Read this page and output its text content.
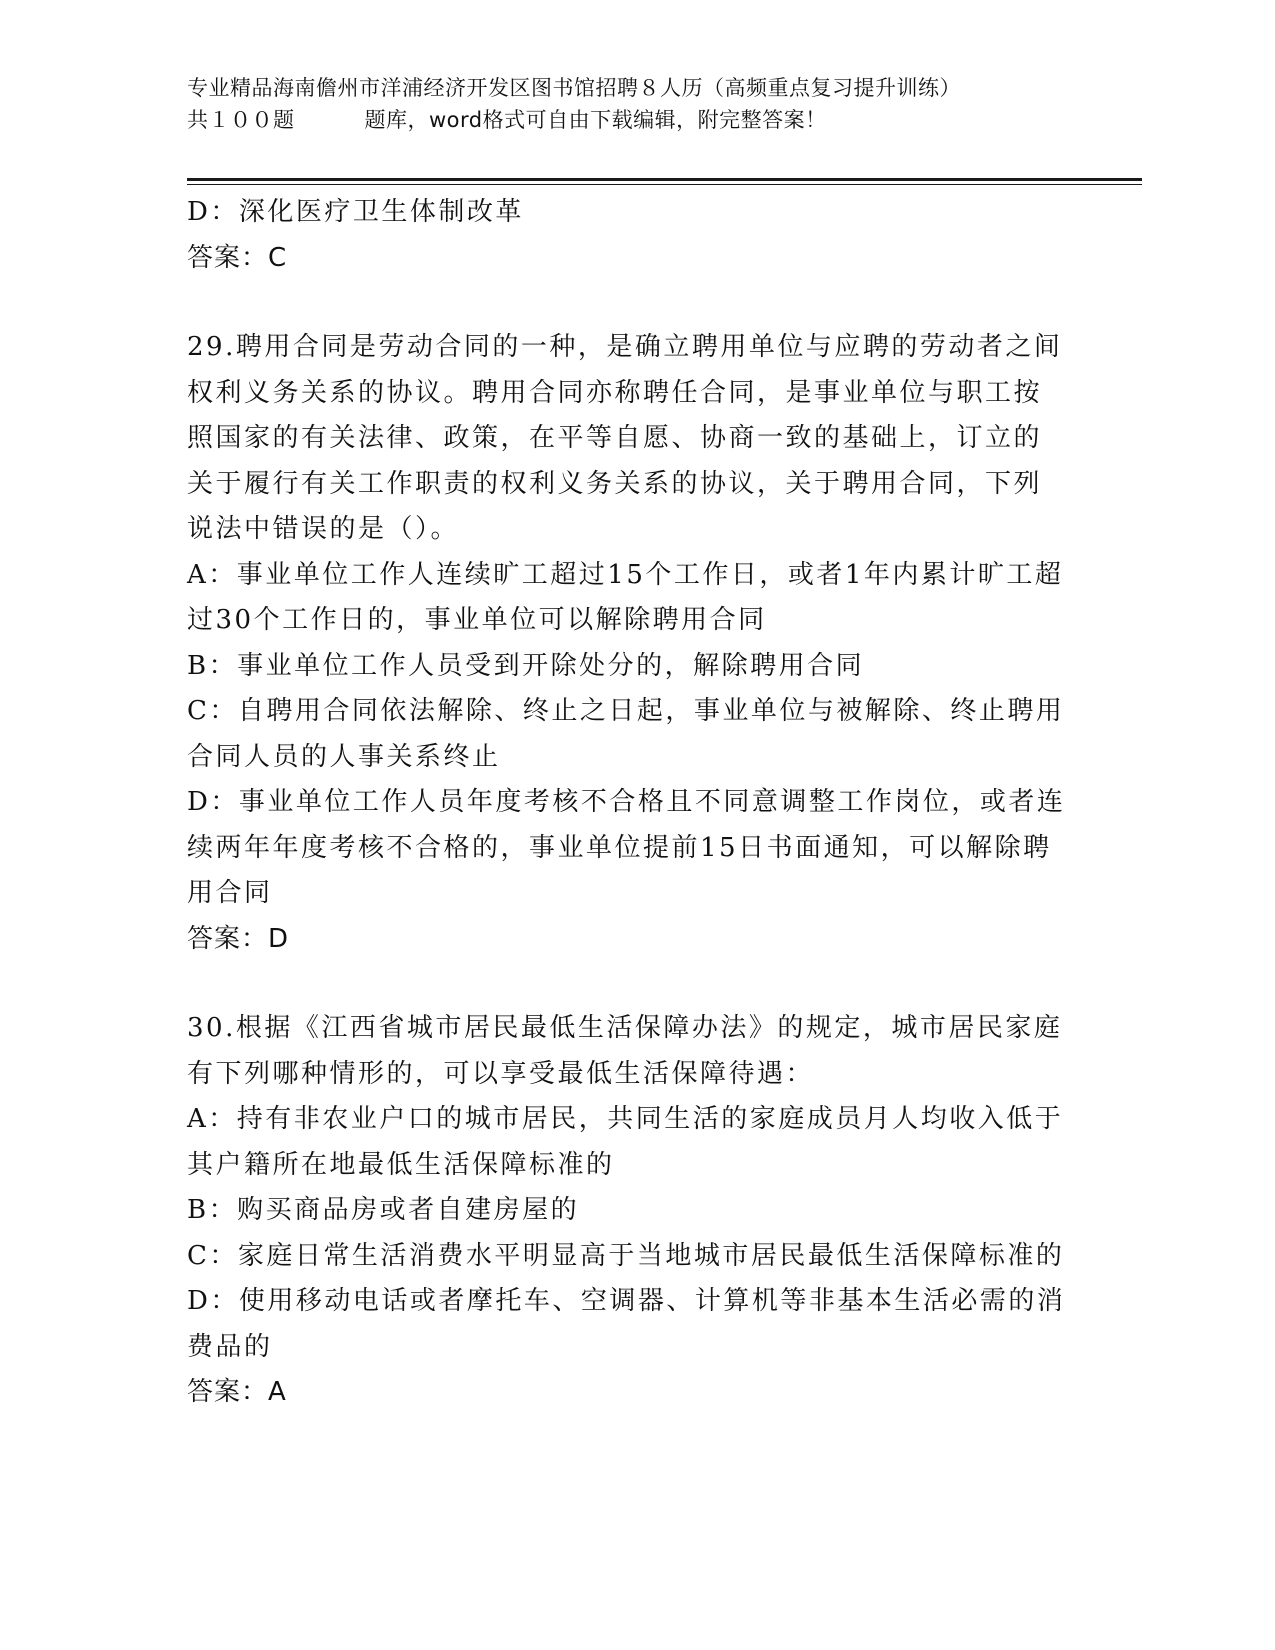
专业精品海南儋州市洋浦经济开发区图书馆招聘８人历（高频重点复习提升训练）
共１００题	题库，word格式可自由下载编辑，附完整答案！

D：深化医疗卫生体制改革

答案：C

29.聘用合同是劳动合同的一种，是确立聘用单位与应聘的劳动者之间权利义务关系的协议。聘用合同亦称聘任合同，是事业单位与职工按照国家的有关法律、政策，在平等自愿、协商一致的基础上，订立的关于履行有关工作职责的权利义务关系的协议，关于聘用合同，下列说法中错误的是（）。

A：事业单位工作人连续旷工超过15个工作日，或者1年内累计旷工超过30个工作日的，事业单位可以解除聘用合同

B：事业单位工作人员受到开除处分的，解除聘用合同

C：自聘用合同依法解除、终止之日起，事业单位与被解除、终止聘用合同人员的人事关系终止

D：事业单位工作人员年度考核不合格且不同意调整工作岗位，或者连续两年年度考核不合格的，事业单位提前15日书面通知，可以解除聘用合同

答案：D

30.根据《江西省城市居民最低生活保障办法》的规定，城市居民家庭有下列哪种情形的，可以享受最低生活保障待遇：

A：持有非农业户口的城市居民，共同生活的家庭成员月人均收入低于其户籍所在地最低生活保障标准的

B：购买商品房或者自建房屋的

C：家庭日常生活消费水平明显高于当地城市居民最低生活保障标准的

D：使用移动电话或者摩托车、空调器、计算机等非基本生活必需的消费品的

答案：A
